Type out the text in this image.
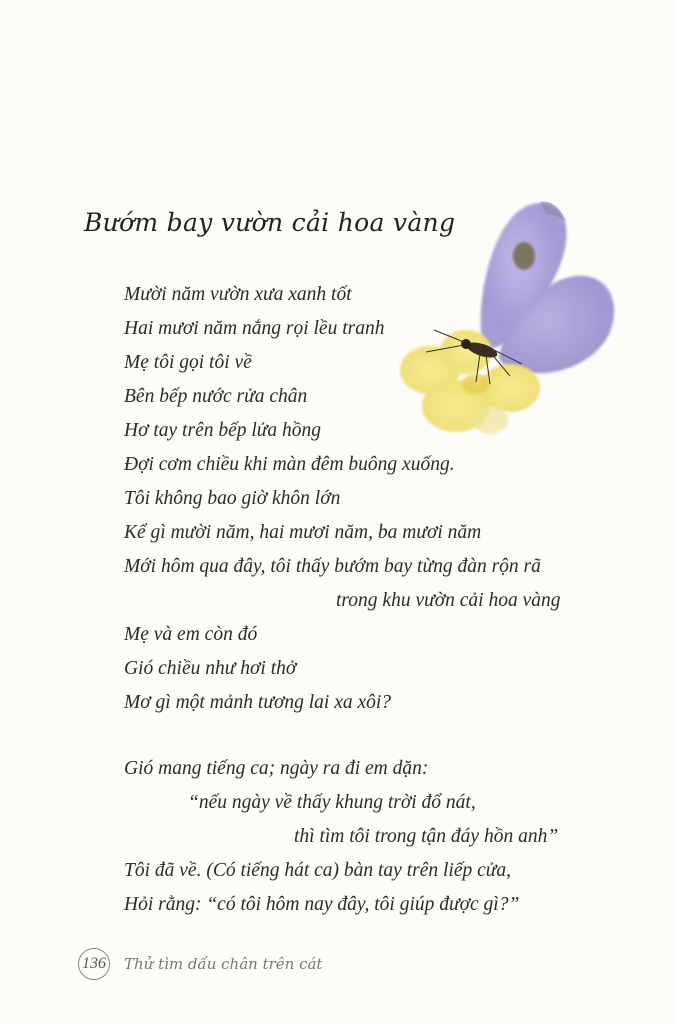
Bướm bay vườn cải hoa vàng
Mười năm vườn xưa xanh tốt
Hai mươi năm nắng rọi lều tranh
Mẹ tôi gọi tôi về
Bên bếp nước rửa chân
Hơ tay trên bếp lửa hồng
Đợi cơm chiều khi màn đêm buông xuống.
Tôi không bao giờ khôn lớn
Kể gì mười năm, hai mươi năm, ba mươi năm
Mới hôm qua đây, tôi thấy bướm bay từng đàn rộn rã
trong khu vườn cải hoa vàng
Mẹ và em còn đó
Gió chiều như hơi thở
Mơ gì một mảnh tương lai xa xôi?
Gió mang tiếng ca; ngày ra đi em dặn:
“nếu ngày về thấy khung trời đổ nát,
thì tìm tôi trong tận đáy hồn anh”
Tôi đã về. (Có tiếng hát ca) bàn tay trên liếp cửa,
Hỏi rằng: “có tôi hôm nay đây, tôi giúp được gì?”
136 Thử tìm dấu chân trên cát
